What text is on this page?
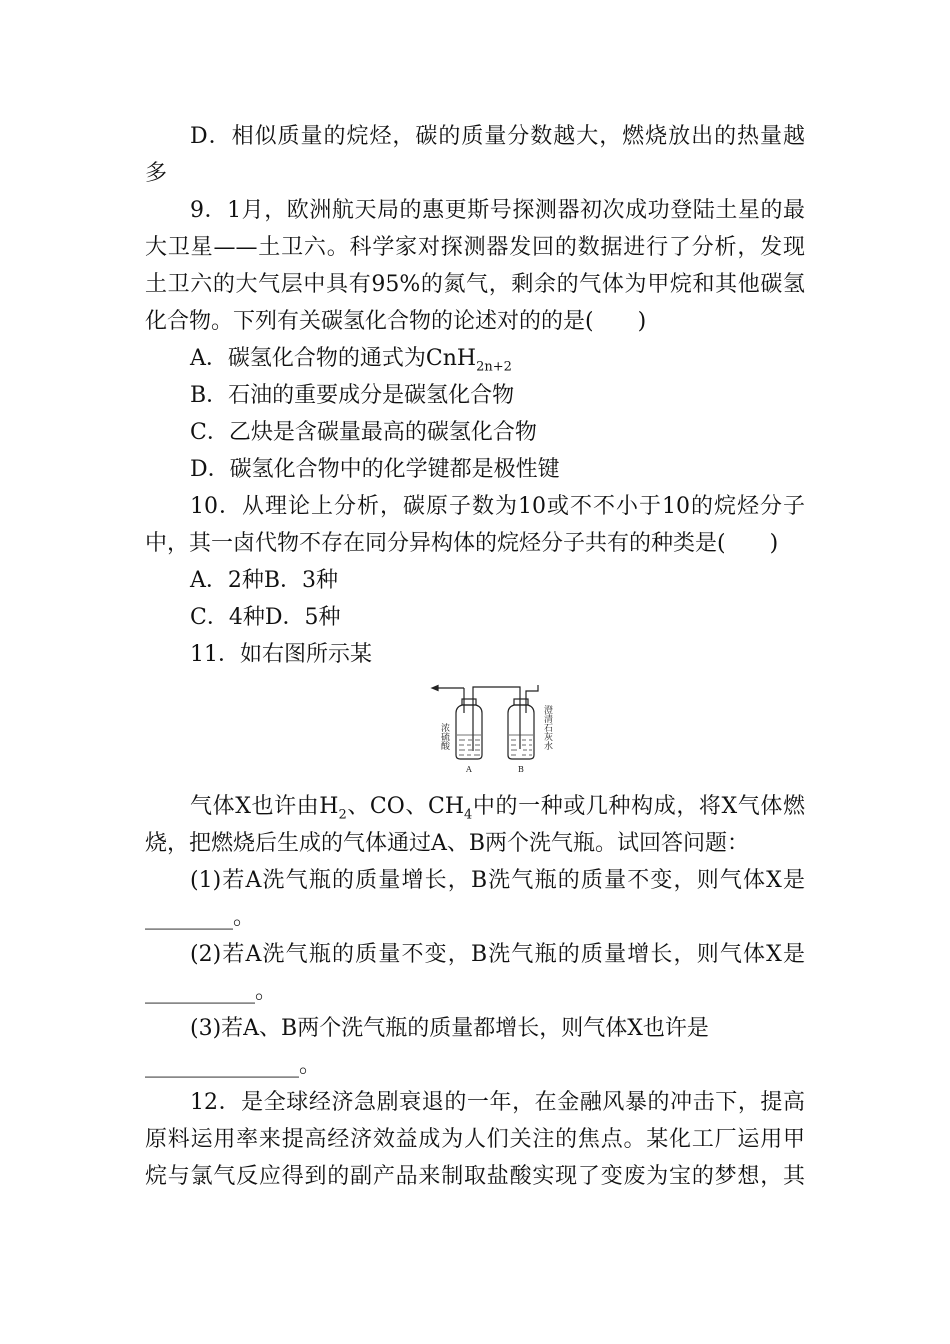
D．相似质量的烷烃，碳的质量分数越大，燃烧放出的热量越
多
9．1月，欧洲航天局的惠更斯号探测器初次成功登陆土星的最
大卫星——土卫六。科学家对探测器发回的数据进行了分析，发现
土卫六的大气层中具有95%的氮气，剩余的气体为甲烷和其他碳氢
化合物。下列有关碳氢化合物的论述对的的是(　　)
A．碳氢化合物的通式为CnH$_{2n+2}$
B．石油的重要成分是碳氢化合物
C．乙炔是含碳量最高的碳氢化合物
D．碳氢化合物中的化学键都是极性键
10．从理论上分析，碳原子数为10或不不小于10的烷烃分子
中，其一卤代物不存在同分异构体的烷烃分子共有的种类是(　　)
A．2种B．3种
C．4种D．5种
11．如右图所示某
浓硫酸	澄清石灰水
A	B
气体X也许由$H_2$、CO、$CH_4$中的一种或几种构成，将X气体燃
烧，把燃烧后生成的气体通过A、B两个洗气瓶。试回答问题：
(1)若A洗气瓶的质量增长，B洗气瓶的质量不变，则气体X是
________。
(2)若A洗气瓶的质量不变，B洗气瓶的质量增长，则气体X是
__________。
(3)若A、B两个洗气瓶的质量都增长，则气体X也许是
______________。
12．是全球经济急剧衰退的一年，在金融风暴的冲击下，提高
原料运用率来提高经济效益成为人们关注的焦点。某化工厂运用甲
烷与氯气反应得到的副产品来制取盐酸实现了变废为宝的梦想，其
